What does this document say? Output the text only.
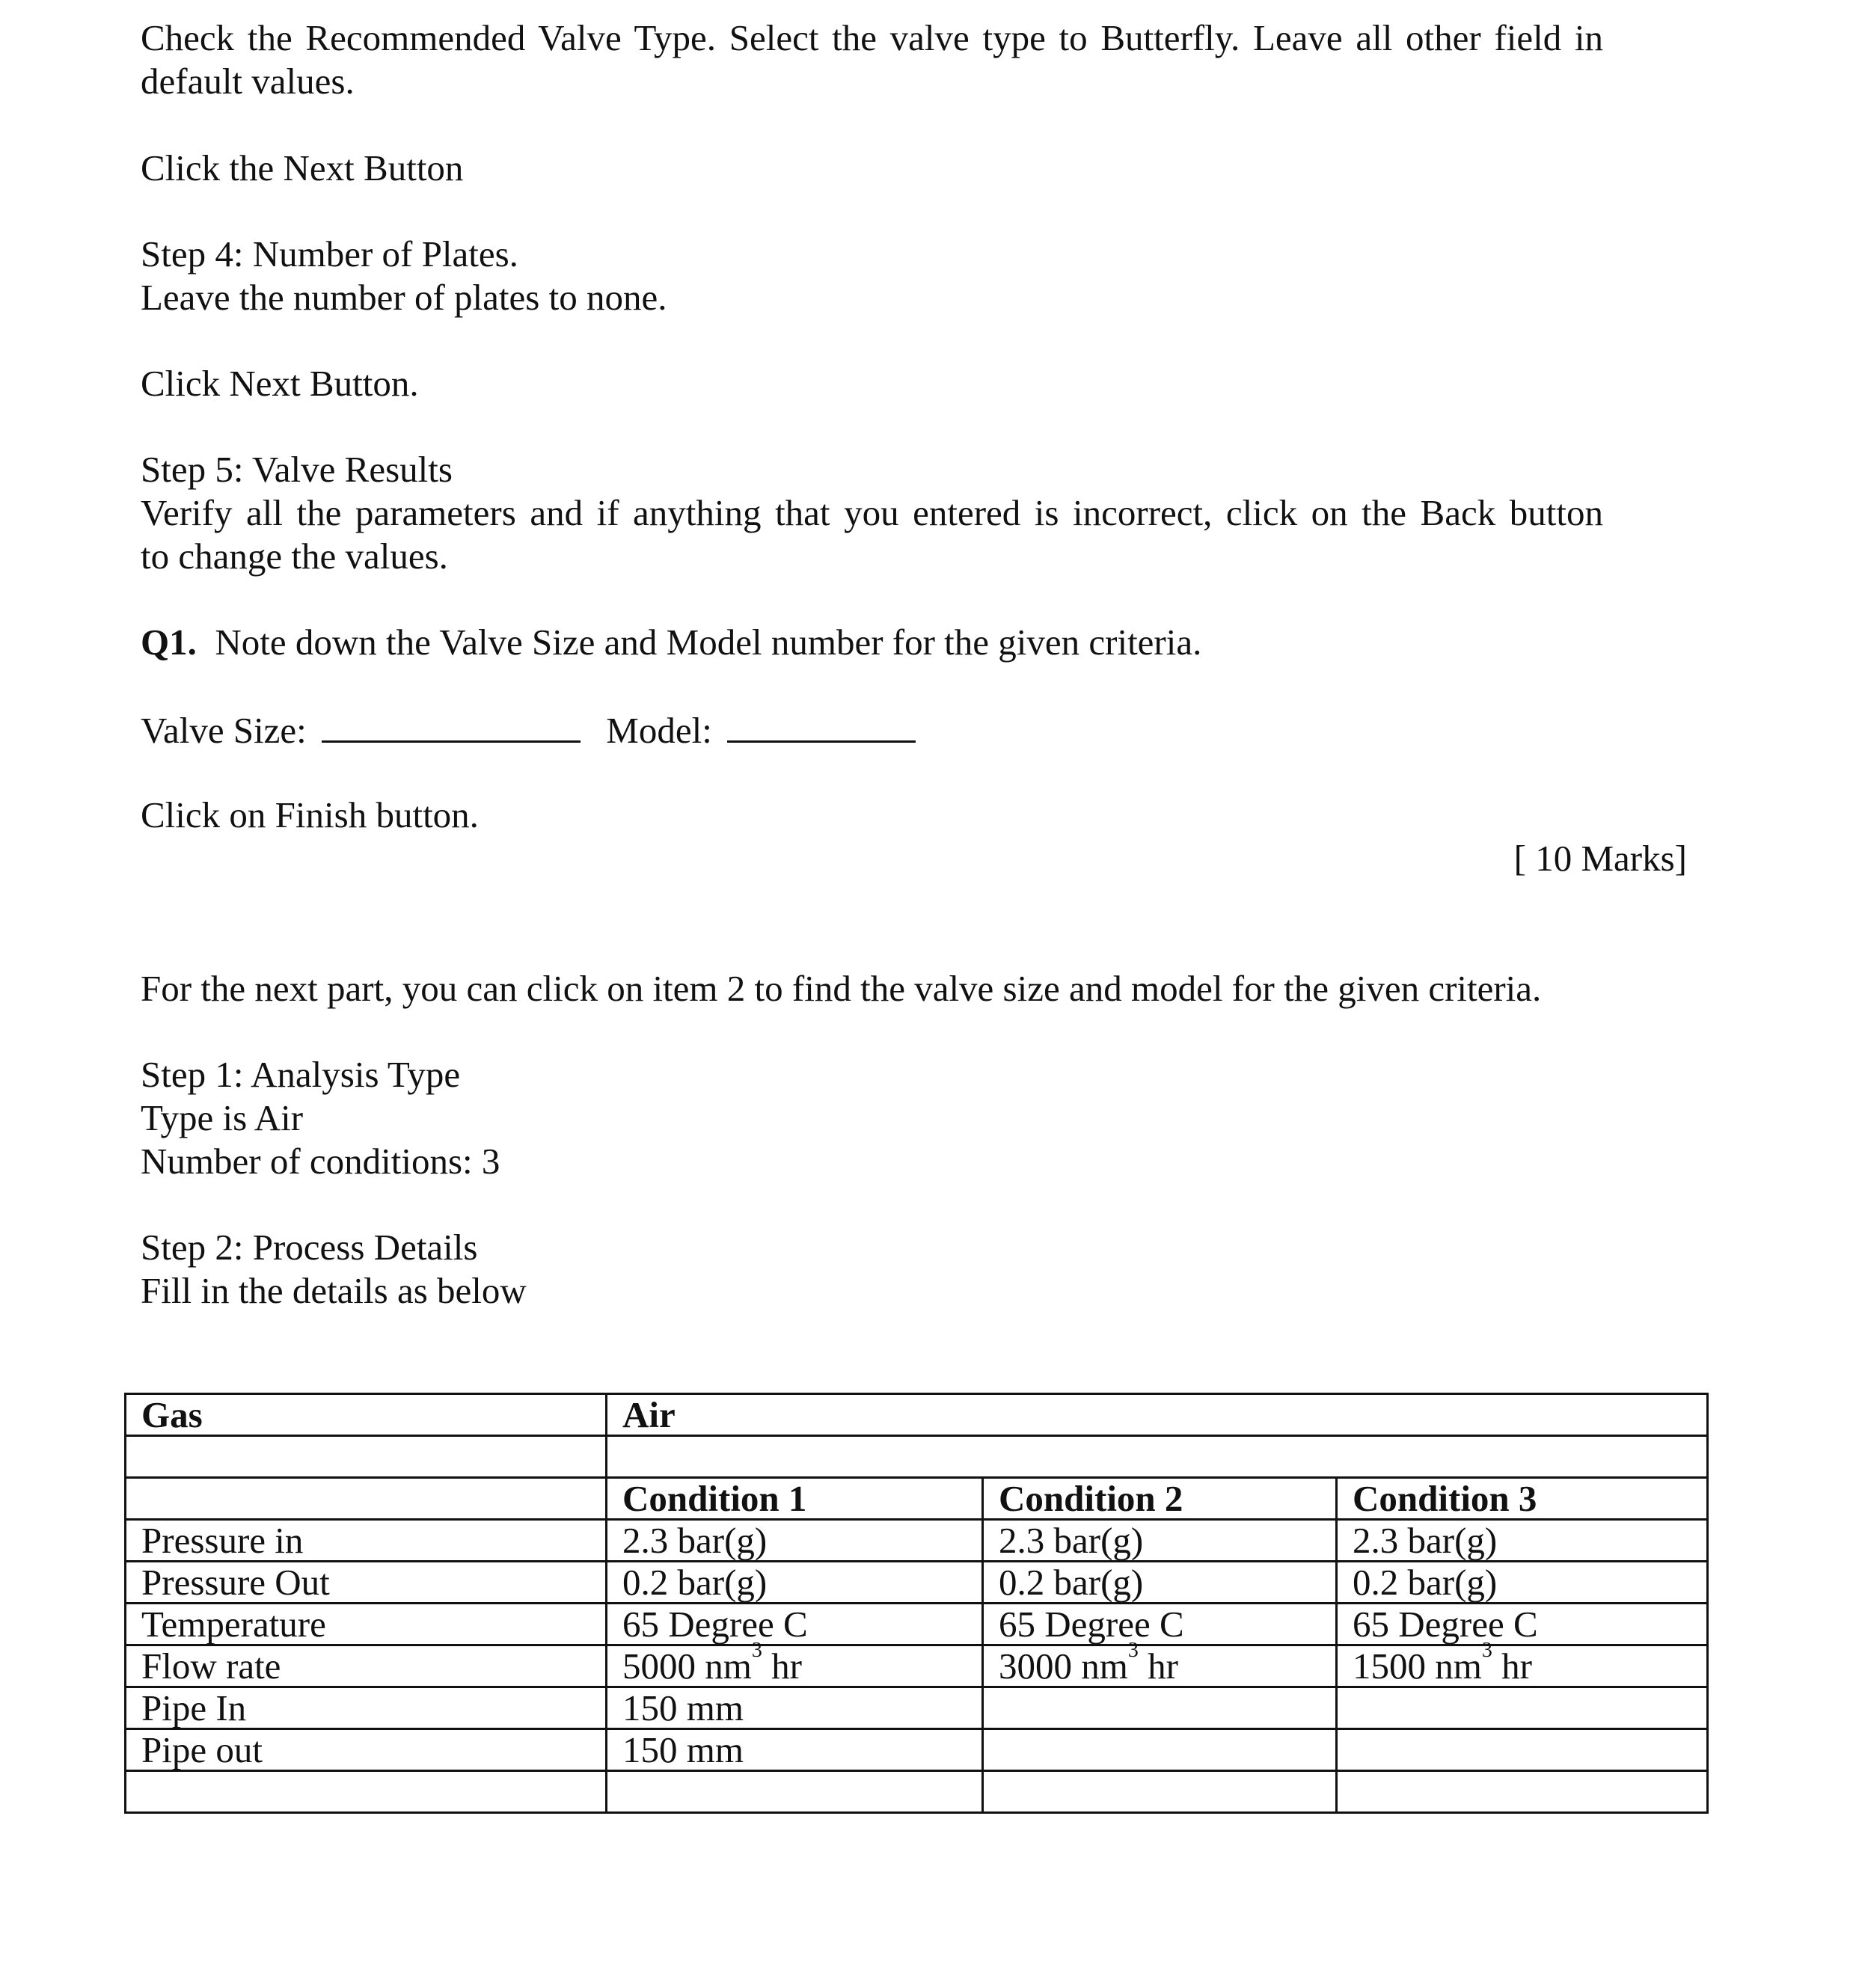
Check the Recommended Valve Type. Select the valve type to Butterfly. Leave all other field in
default values.
Click the Next Button
Step 4: Number of Plates.
Leave the number of plates to none.
Click Next Button.
Step 5: Valve Results
Verify all the parameters and if anything that you entered is incorrect, click on the Back button
to change the values.
Q1. Note down the Valve Size and Model number for the given criteria.
Valve Size:	Model:
Click on Finish button.
[ 10 Marks]
For the next part, you can click on item 2 to find the valve size and model for the given criteria.
Step 1: Analysis Type
Type is Air
Number of conditions: 3
Step 2: Process Details
Fill in the details as below
Gas	Air		

	Condition 1	Condition 2	Condition 3
Pressure in	2.3 bar(g)	2.3 bar(g)	2.3 bar(g)
Pressure Out	0.2 bar(g)	0.2 bar(g)	0.2 bar(g)
Temperature	65 Degree C	65 Degree C	65 Degree C
Flow rate	5000 $nm^3$ hr	3000 $nm^3$ hr	1500 $nm^3$ hr
Pipe In	150 mm		
Pipe out	150 mm		
